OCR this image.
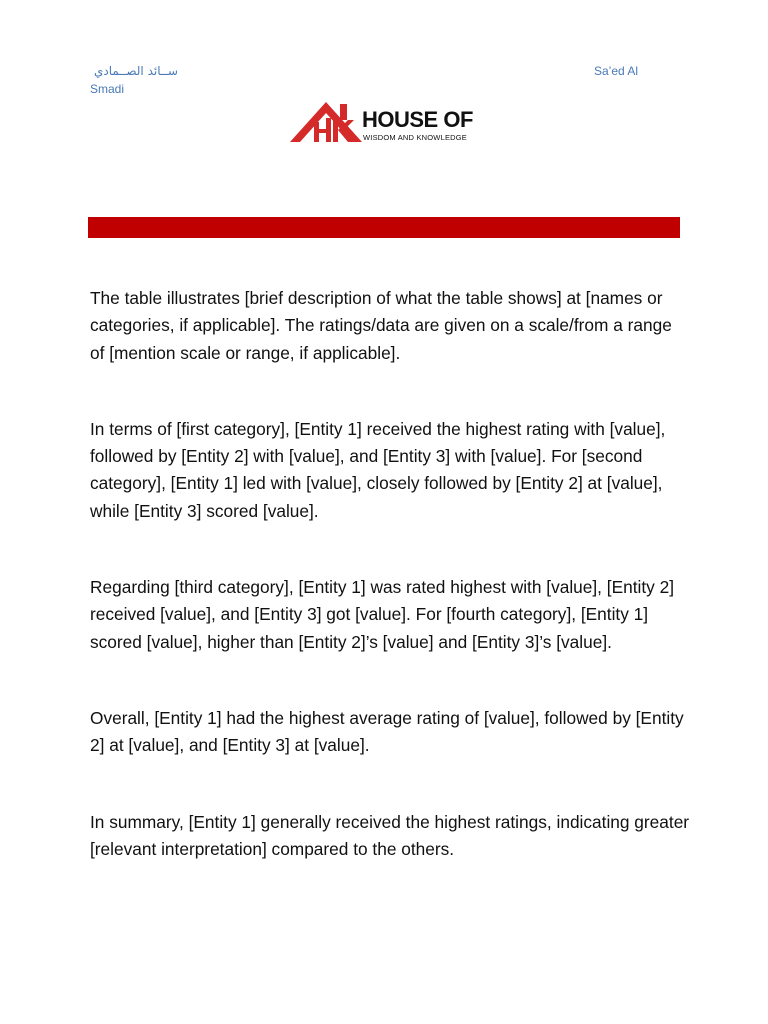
ســائد الصــمادي	Sa’ed Al
Smadi
HOUSE OF
WISDOM AND KNOWLEDGE

The table illustrates [brief description of what the table shows] at [names or categories, if applicable]. The ratings/data are given on a scale/from a range of [mention scale or range, if applicable].

In terms of [first category], [Entity 1] received the highest rating with [value], followed by [Entity 2] with [value], and [Entity 3] with [value]. For [second category], [Entity 1] led with [value], closely followed by [Entity 2] at [value], while [Entity 3] scored [value].

Regarding [third category], [Entity 1] was rated highest with [value], [Entity 2] received [value], and [Entity 3] got [value]. For [fourth category], [Entity 1] scored [value], higher than [Entity 2]’s [value] and [Entity 3]’s [value].

Overall, [Entity 1] had the highest average rating of [value], followed by [Entity 2] at [value], and [Entity 3] at [value].

In summary, [Entity 1] generally received the highest ratings, indicating greater [relevant interpretation] compared to the others.
